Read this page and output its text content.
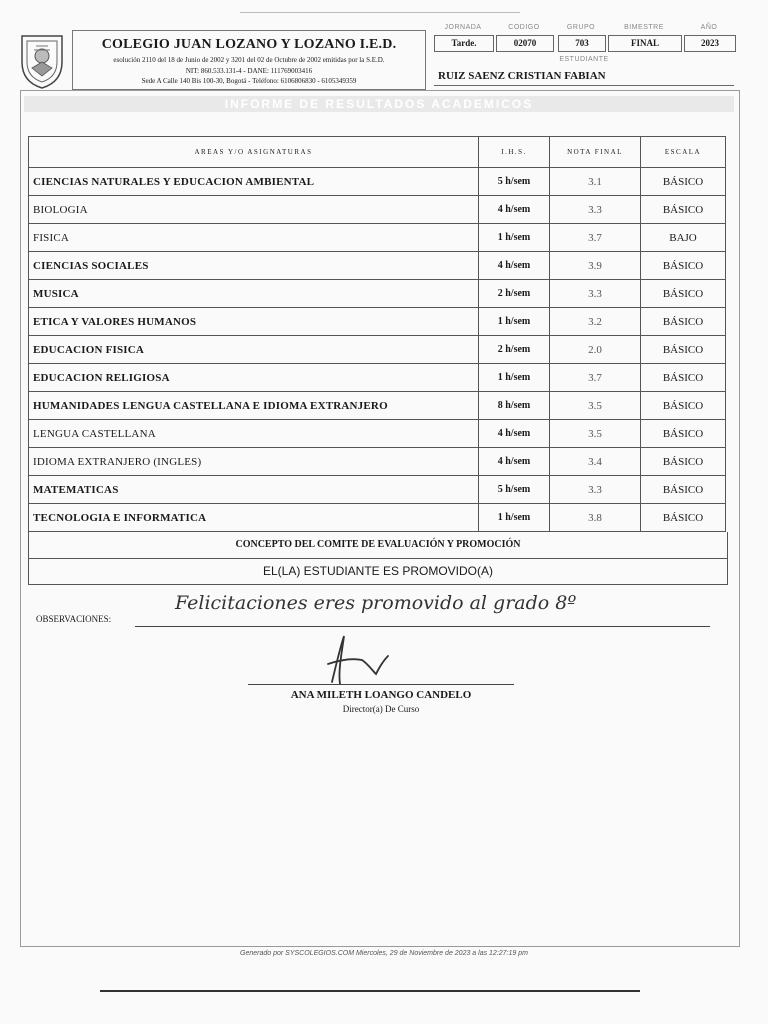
COLEGIO JUAN LOZANO Y LOZANO I.E.D.
esolución 2110 del 18 de Junio de 2002 y 3201 del 02 de Octubre de 2002 emitidas por la S.E.D.
NIT: 860.533.131-4 - DANE: 111769003416
Sede A Calle 140 Bis 100-30, Bogotá - Teléfono: 6106806830 - 6105349359
JORNADA
Tarde.
CODIGO
02070
GRUPO
703
BIMESTRE
FINAL
AÑO
2023
ESTUDIANTE
RUIZ SAENZ CRISTIAN FABIAN
INFORME DE RESULTADOS ACADEMICOS
AREAS Y/O ASIGNATURAS	I.H.S.	NOTA FINAL	ESCALA
CIENCIAS NATURALES Y EDUCACION AMBIENTAL	5 h/sem	3.1	BÁSICO
BIOLOGIA	4 h/sem	3.3	BÁSICO
FISICA	1 h/sem	3.7	BAJO
CIENCIAS SOCIALES	4 h/sem	3.9	BÁSICO
MUSICA	2 h/sem	3.3	BÁSICO
ETICA Y VALORES HUMANOS	1 h/sem	3.2	BÁSICO
EDUCACION FISICA	2 h/sem	2.0	BÁSICO
EDUCACION RELIGIOSA	1 h/sem	3.7	BÁSICO
HUMANIDADES LENGUA CASTELLANA E IDIOMA EXTRANJERO	8 h/sem	3.5	BÁSICO
LENGUA CASTELLANA	4 h/sem	3.5	BÁSICO
IDIOMA EXTRANJERO (INGLES)	4 h/sem	3.4	BÁSICO
MATEMATICAS	5 h/sem	3.3	BÁSICO
TECNOLOGIA E INFORMATICA	1 h/sem	3.8	BÁSICO
CONCEPTO DEL COMITE DE EVALUACIÓN Y PROMOCIÓN
EL(LA) ESTUDIANTE ES PROMOVIDO(A)
OBSERVACIONES:
Felicitaciones eres promovido al grado 8º
ANA MILETH LOANGO CANDELO
Director(a) De Curso
Generado por SYSCOLEGIOS.COM Miercoles, 29 de Noviembre de 2023 a las 12:27:19 pm
